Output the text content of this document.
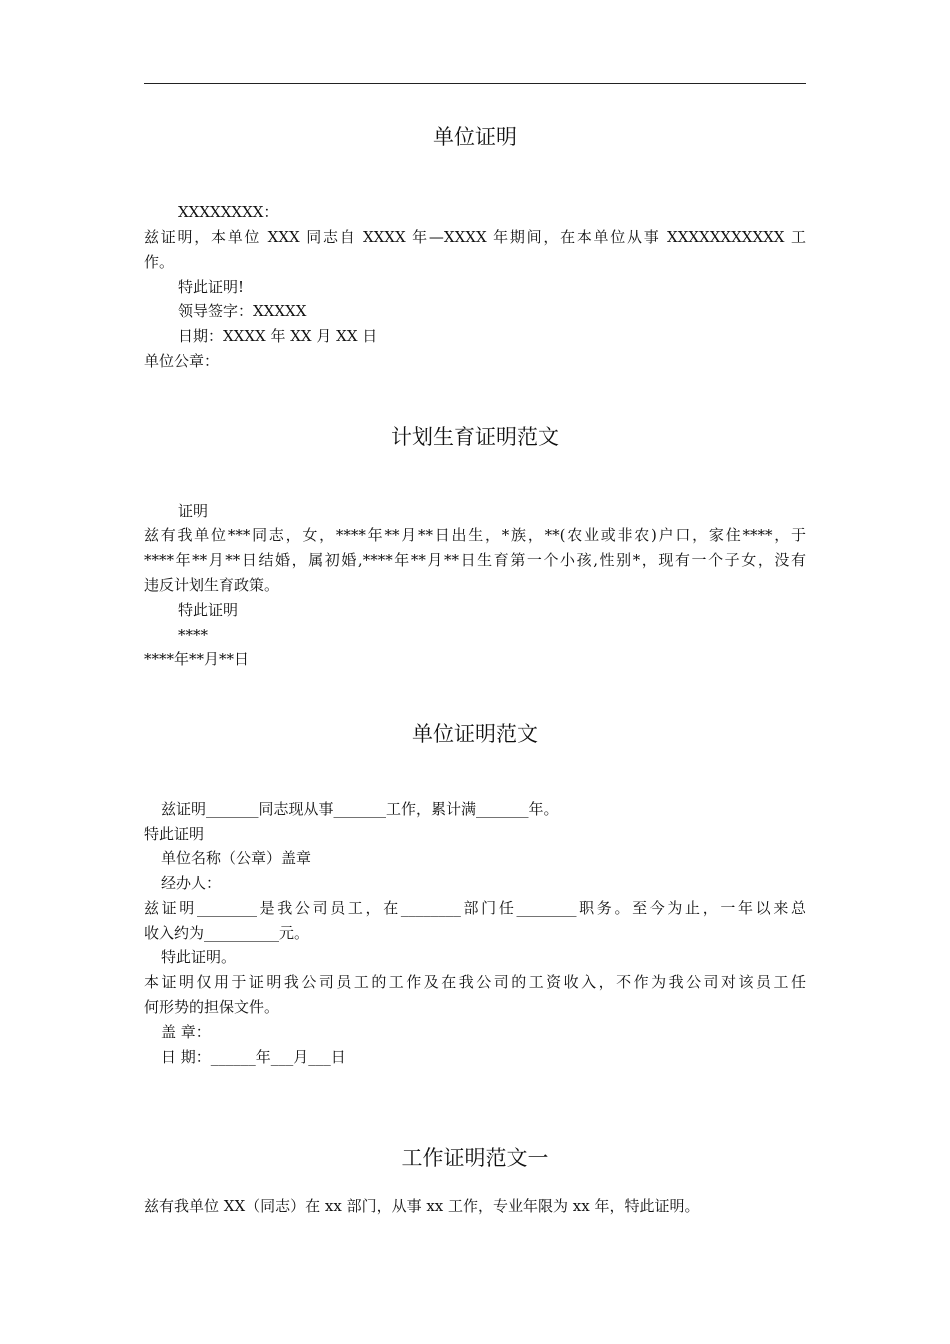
单位证明
XXXXXXXX：
兹证明，本单位 XXX 同志自 XXXX 年—XXXX 年期间，在本单位从事 XXXXXXXXXXX 工
作。
特此证明!
领导签字：XXXXX
日期：XXXX 年 XX 月 XX 日
单位公章：
计划生育证明范文
证明
兹有我单位***同志，女，****年**月**日出生，*族，**(农业或非农)户口，家住****，于
****年**月**日结婚，属初婚,****年**月**日生育第一个小孩,性别*，现有一个子女，没有
违反计划生育政策。
特此证明
****
****年**月**日
单位证明范文
兹证明_______同志现从事_______工作，累计满_______年。
特此证明
单位名称（公章）盖章
经办人：
兹证明________是我公司员工，在________部门任________职务。至今为止，一年以来总
收入约为__________元。
特此证明。
本证明仅用于证明我公司员工的工作及在我公司的工资收入，不作为我公司对该员工任
何形势的担保文件。
盖 章：
日 期：______年___月___日
工作证明范文一
兹有我单位 XX（同志）在 xx 部门，从事 xx 工作，专业年限为 xx 年，特此证明。
